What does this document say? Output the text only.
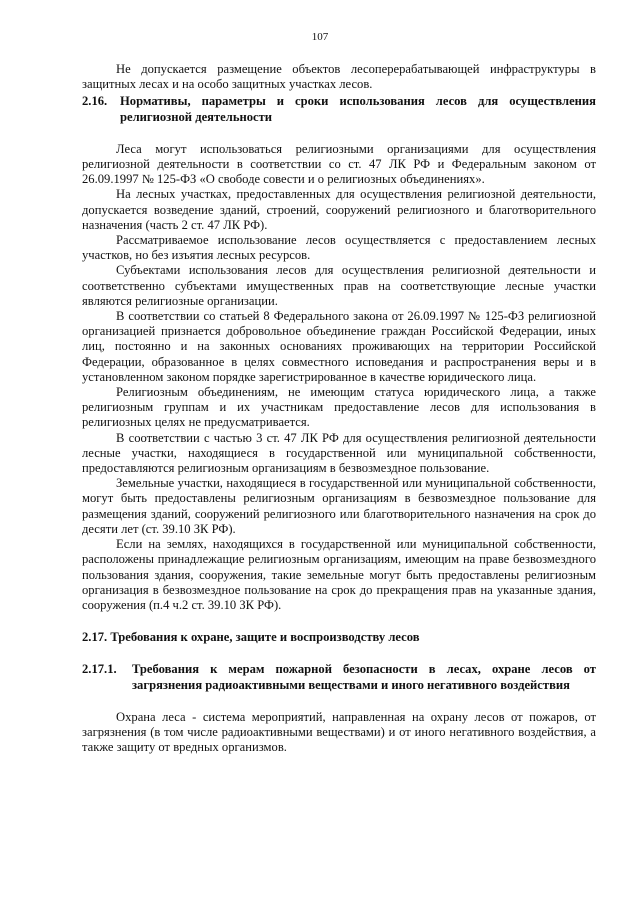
107

Не допускается размещение объектов лесоперерабатывающей инфраструктуры в защитных лесах и на особо защитных участках лесов.

2.16.	Нормативы, параметры и сроки использования лесов для осуществления религиозной деятельности

Леса могут использоваться религиозными организациями для осуществления религиозной деятельности в соответствии со ст. 47 ЛК РФ и Федеральным законом от 26.09.1997 № 125-ФЗ «О свободе совести и о религиозных объединениях».

На лесных участках, предоставленных для осуществления религиозной деятельности, допускается возведение зданий, строений, сооружений религиозного и благотворительного назначения (часть 2 ст. 47 ЛК РФ).

Рассматриваемое использование лесов осуществляется с предоставлением лесных участков, но без изъятия лесных ресурсов.

Субъектами использования лесов для осуществления религиозной деятельности и соответственно субъектами имущественных прав на соответствующие лесные участки являются религиозные организации.

В соответствии со статьей 8 Федерального закона от 26.09.1997 № 125-ФЗ религиозной организацией признается добровольное объединение граждан Российской Федерации, иных лиц, постоянно и на законных основаниях проживающих на территории Российской Федерации, образованное в целях совместного исповедания и распространения веры и в установленном законом порядке зарегистрированное в качестве юридического лица.

Религиозным объединениям, не имеющим статуса юридического лица, а также религиозным группам и их участникам предоставление лесов для использования в религиозных целях не предусматривается.

В соответствии с частью 3 ст. 47 ЛК РФ для осуществления религиозной деятельности лесные участки, находящиеся в государственной или муниципальной собственности, предоставляются религиозным организациям в безвозмездное пользование.

Земельные участки, находящиеся в государственной или муниципальной собственности, могут быть предоставлены религиозным организациям в безвозмездное пользование для размещения зданий, сооружений религиозного или благотворительного назначения на срок до десяти лет (ст. 39.10 ЗК РФ).

Если на землях, находящихся в государственной или муниципальной собственности, расположены принадлежащие религиозным организациям, имеющим на праве безвозмездного пользования здания, сооружения, такие земельные могут быть предоставлены религиозным организация в безвозмездное пользование на срок до прекращения прав на указанные здания, сооружения (п.4 ч.2 ст. 39.10 ЗК РФ).

2.17. Требования к охране, защите и воспроизводству лесов
2.17.1.	Требования к мерам пожарной безопасности в лесах, охране лесов от загрязнения радиоактивными веществами и иного негативного воздействия

Охрана леса - система мероприятий, направленная на охрану лесов от пожаров, от загрязнения (в том числе радиоактивными веществами) и от иного негативного воздействия, а также защиту от вредных организмов.
